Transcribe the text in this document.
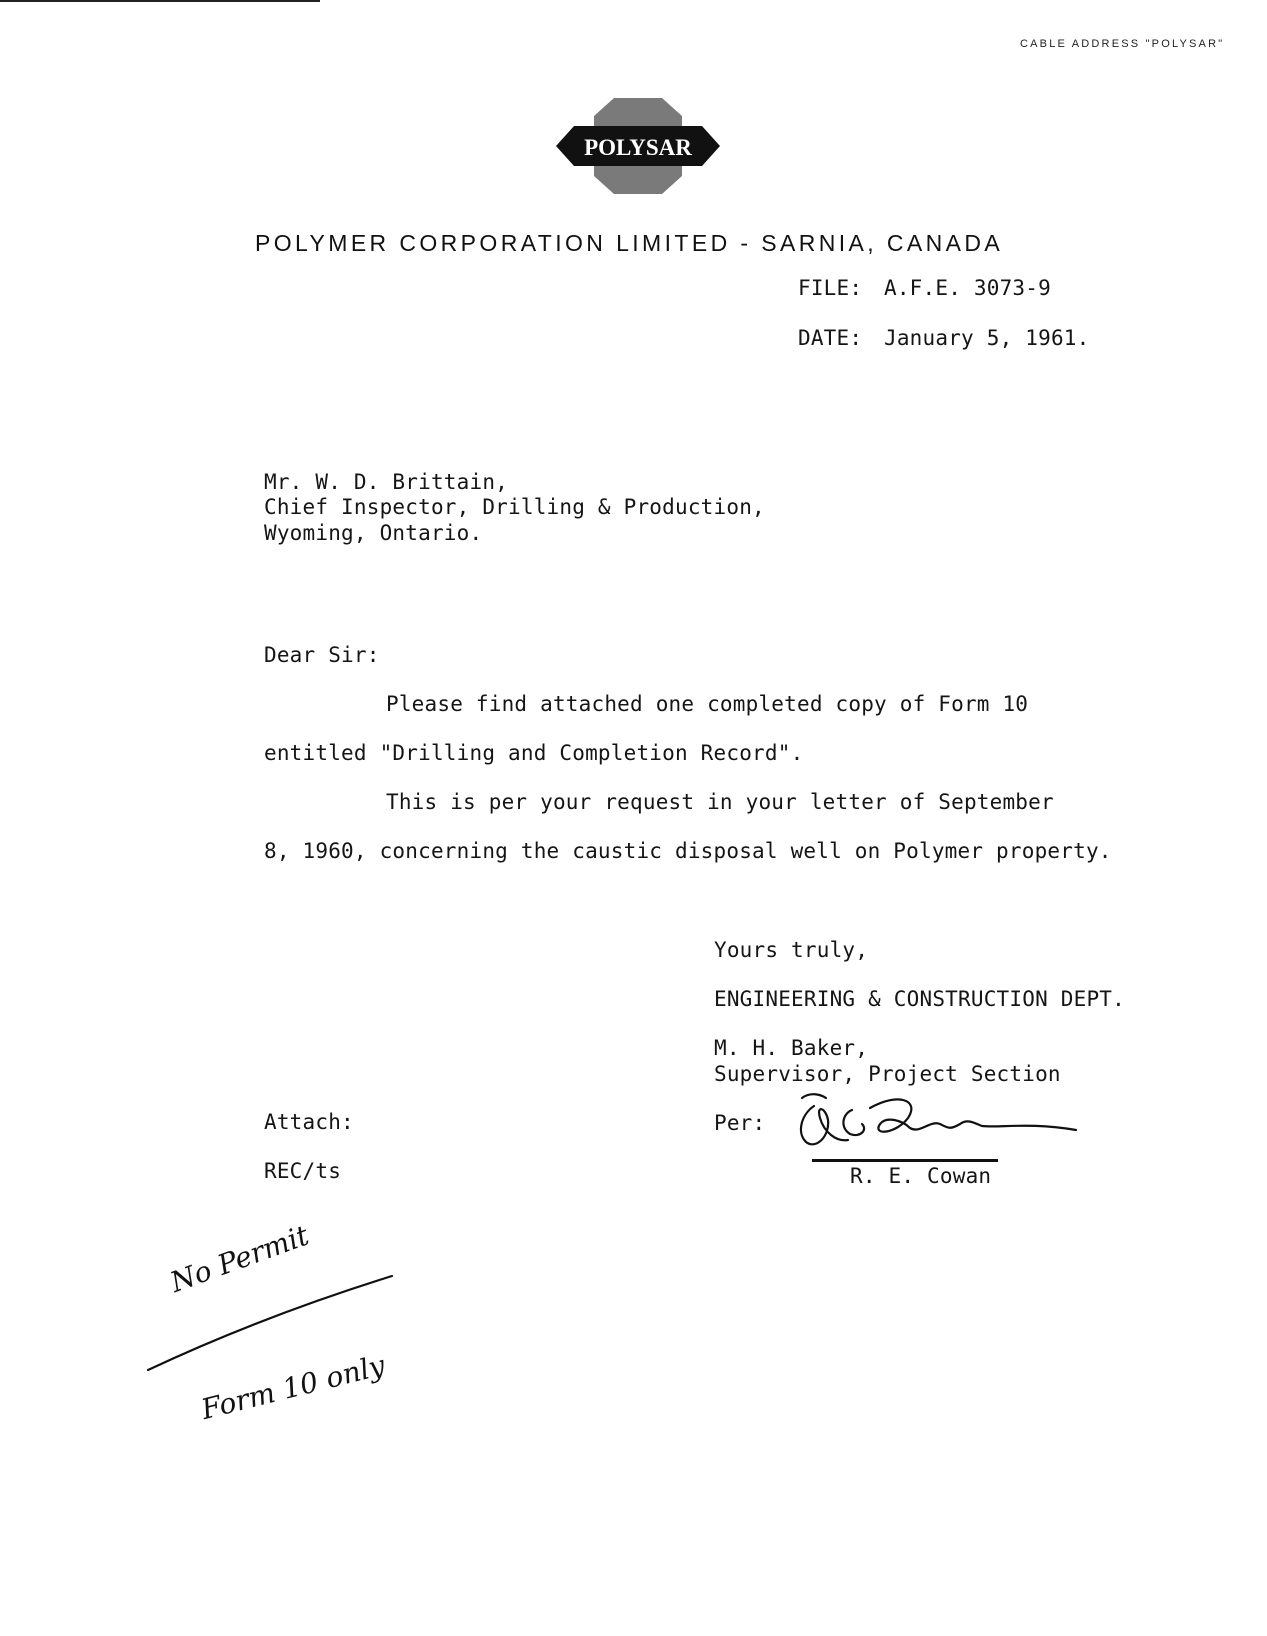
CABLE ADDRESS "POLYSAR"
POLYSAR
POLYMER CORPORATION LIMITED - SARNIA, CANADA
FILE: A.F.E. 3073-9
DATE: January 5, 1961.
Mr. W. D. Brittain,
Chief Inspector, Drilling & Production,
Wyoming, Ontario.
Dear Sir:
Please find attached one completed copy of Form 10
entitled "Drilling and Completion Record".
This is per your request in your letter of September
8, 1960, concerning the caustic disposal well on Polymer property.
Yours truly,
ENGINEERING & CONSTRUCTION DEPT.
M. H. Baker,
Supervisor, Project Section
Per:
R. E. Cowan
Attach:
REC/ts
No Permit
Form 10 only
